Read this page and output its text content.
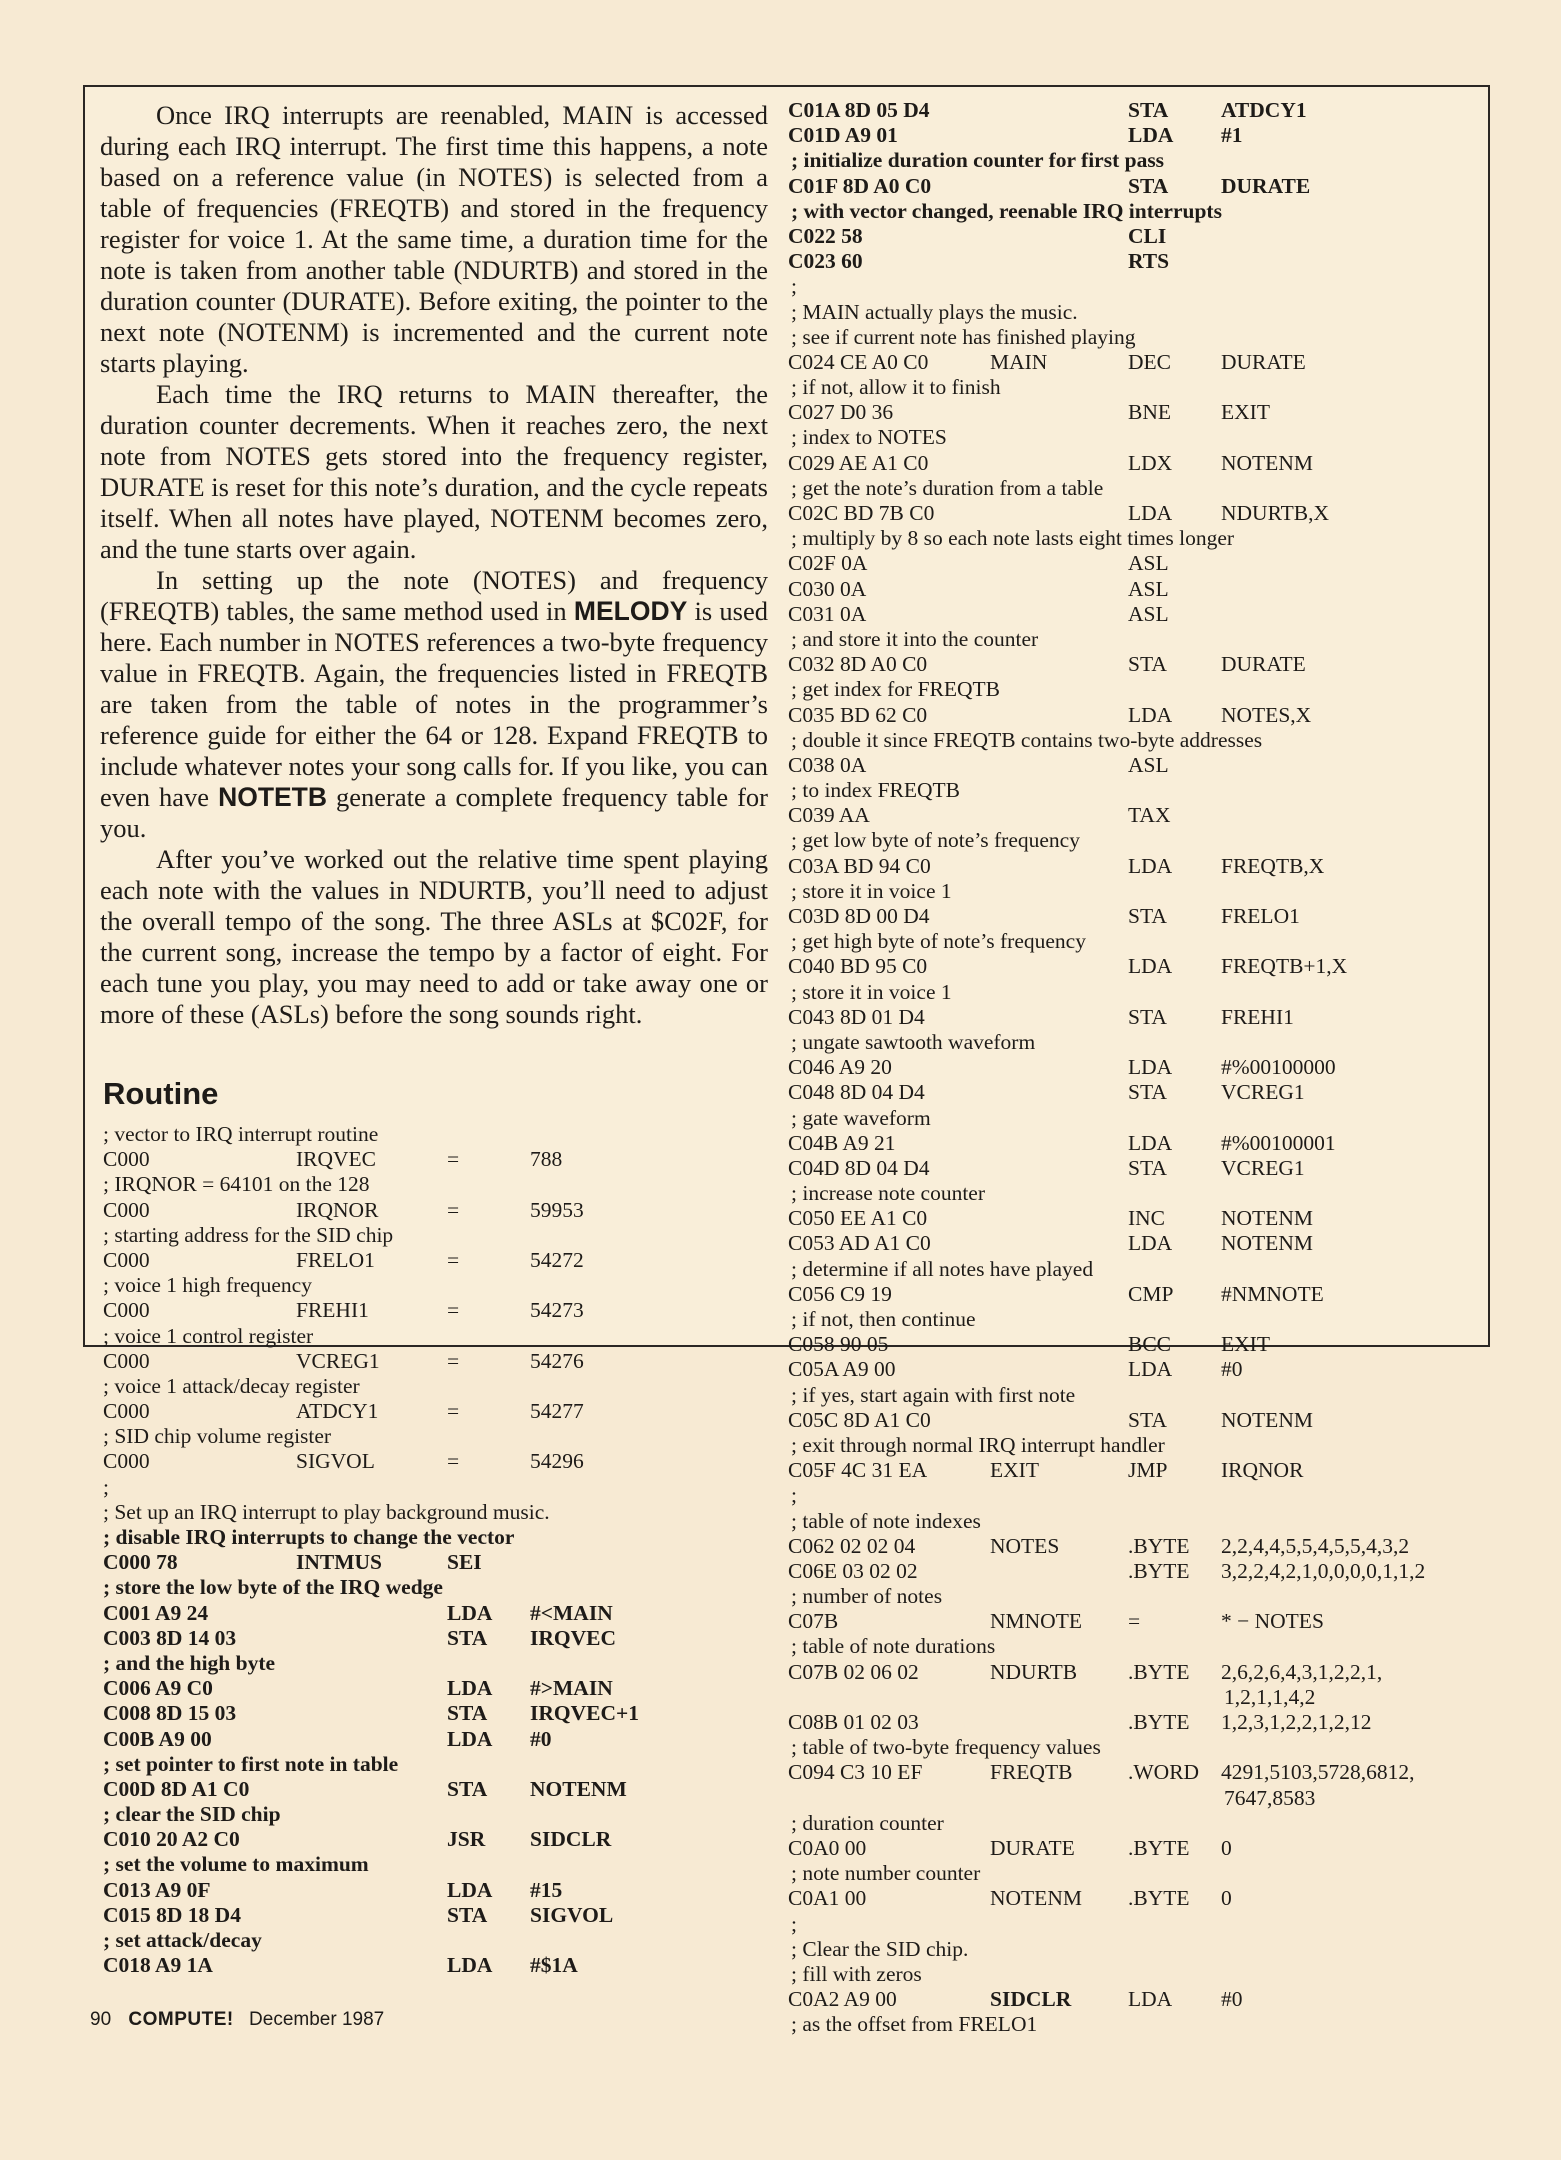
Once IRQ interrupts are reenabled, MAIN is accessed during each IRQ interrupt. The first time this happens, a note based on a reference value (in NOTES) is selected from a table of frequencies (FREQTB) and stored in the frequency register for voice 1. At the same time, a duration time for the note is taken from another table (NDURTB) and stored in the duration counter (DURATE). Before exiting, the pointer to the next note (NOTENM) is incremented and the current note starts playing.

Each time the IRQ returns to MAIN thereafter, the duration counter decrements. When it reaches zero, the next note from NOTES gets stored into the frequency register, DURATE is reset for this note’s duration, and the cycle repeats itself. When all notes have played, NOTENM becomes zero, and the tune starts over again.

In setting up the note (NOTES) and frequency (FREQTB) tables, the same method used in MELODY is used here. Each number in NOTES references a two-byte frequency value in FREQTB. Again, the frequencies listed in FREQTB are taken from the table of notes in the programmer’s reference guide for either the 64 or 128. Expand FREQTB to include whatever notes your song calls for. If you like, you can even have NOTETB generate a complete frequency table for you.

After you’ve worked out the relative time spent playing each note with the values in NDURTB, you’ll need to adjust the overall tempo of the song. The three ASLs at $C02F, for the current song, increase the tempo by a factor of eight. For each tune you play, you may need to add or take away one or more of these (ASLs) before the song sounds right.

Routine
; vector to IRQ interrupt routine
C000	IRQVEC	=	788
; IRQNOR = 64101 on the 128
C000	IRQNOR	=	59953
; starting address for the SID chip
C000	FRELO1	=	54272
; voice 1 high frequency
C000	FREHI1	=	54273
; voice 1 control register
C000	VCREG1	=	54276
; voice 1 attack/decay register
C000	ATDCY1	=	54277
; SID chip volume register
C000	SIGVOL	=	54296
;
; Set up an IRQ interrupt to play background music.
; disable IRQ interrupts to change the vector
C000 78	INTMUS	SEI
; store the low byte of the IRQ wedge
C001 A9 24	LDA #<MAIN
C003 8D 14 03	STA IRQVEC
; and the high byte
C006 A9 C0	LDA #>MAIN
C008 8D 15 03	STA IRQVEC+1
C00B A9 00	LDA #0
; set pointer to first note in table
C00D 8D A1 C0	STA NOTENM
; clear the SID chip
C010 20 A2 C0	JSR SIDCLR
; set the volume to maximum
C013 A9 0F	LDA #15
C015 8D 18 D4	STA SIGVOL
; set attack/decay
C018 A9 1A	LDA #$1A
C01A 8D 05 D4	STA ATDCY1
C01D A9 01	LDA #1
; initialize duration counter for first pass
C01F 8D A0 C0	STA DURATE
; with vector changed, reenable IRQ interrupts
C022 58	CLI
C023 60	RTS
;
; MAIN actually plays the music.
; see if current note has finished playing
C024 CE A0 C0	MAIN	DEC DURATE
; if not, allow it to finish
C027 D0 36	BNE EXIT
; index to NOTES
C029 AE A1 C0	LDX NOTENM
; get the note’s duration from a table
C02C BD 7B C0	LDA NDURTB,X
; multiply by 8 so each note lasts eight times longer
C02F 0A	ASL
C030 0A	ASL
C031 0A	ASL
; and store it into the counter
C032 8D A0 C0	STA	DURATE
; get index for FREQTB
C035 BD 62 C0	LDA NOTES,X
; double it since FREQTB contains two-byte addresses
C038 0A	ASL
; to index FREQTB
C039 AA	TAX
; get low byte of note’s frequency
C03A BD 94 C0	LDA FREQTB,X
; store it in voice 1
C03D 8D 00 D4	STA	FRELO1
; get high byte of note’s frequency
C040 BD 95 C0	LDA FREQTB+1,X
; store it in voice 1
C043 8D 01 D4	STA	FREHI1
; ungate sawtooth waveform
C046 A9 20	LDA #%00100000
C048 8D 04 D4	STA	VCREG1
; gate waveform
C04B A9 21	LDA #%00100001
C04D 8D 04 D4	STA	VCREG1
; increase note counter
C050 EE A1 C0	INC	NOTENM
C053 AD A1 C0	LDA NOTENM
; determine if all notes have played
C056 C9 19	CMP #NMNOTE
; if not, then continue
C058 90 05	BCC EXIT
C05A A9 00	LDA #0
; if yes, start again with first note
C05C 8D A1 C0	STA	NOTENM
; exit through normal IRQ interrupt handler
C05F 4C 31 EA	EXIT	JMP IRQNOR
;
; table of note indexes
C062 02 02 04	NOTES	.BYTE 2,2,4,4,5,5,4,5,5,4,3,2
C06E 03 02 02	.BYTE 3,2,2,4,2,1,0,0,0,0,1,1,2
; number of notes
C07B	NMNOTE =	* − NOTES
; table of note durations
C07B 02 06 02	NDURTB .BYTE 2,6,2,6,4,3,1,2,2,1,
1,2,1,1,4,2
C08B 01 02 03	.BYTE 1,2,3,1,2,2,1,2,12
; table of two-byte frequency values
C094 C3 10 EF	FREQTB	.WORD 4291,5103,5728,6812,
7647,8583
; duration counter
C0A0 00	DURATE .BYTE 0
; note number counter
C0A1 00	NOTENM .BYTE 0
;
; Clear the SID chip.
; fill with zeros
C0A2 A9 00	SIDCLR	LDA #0
; as the offset from FRELO1
90 COMPUTE! December 1987
